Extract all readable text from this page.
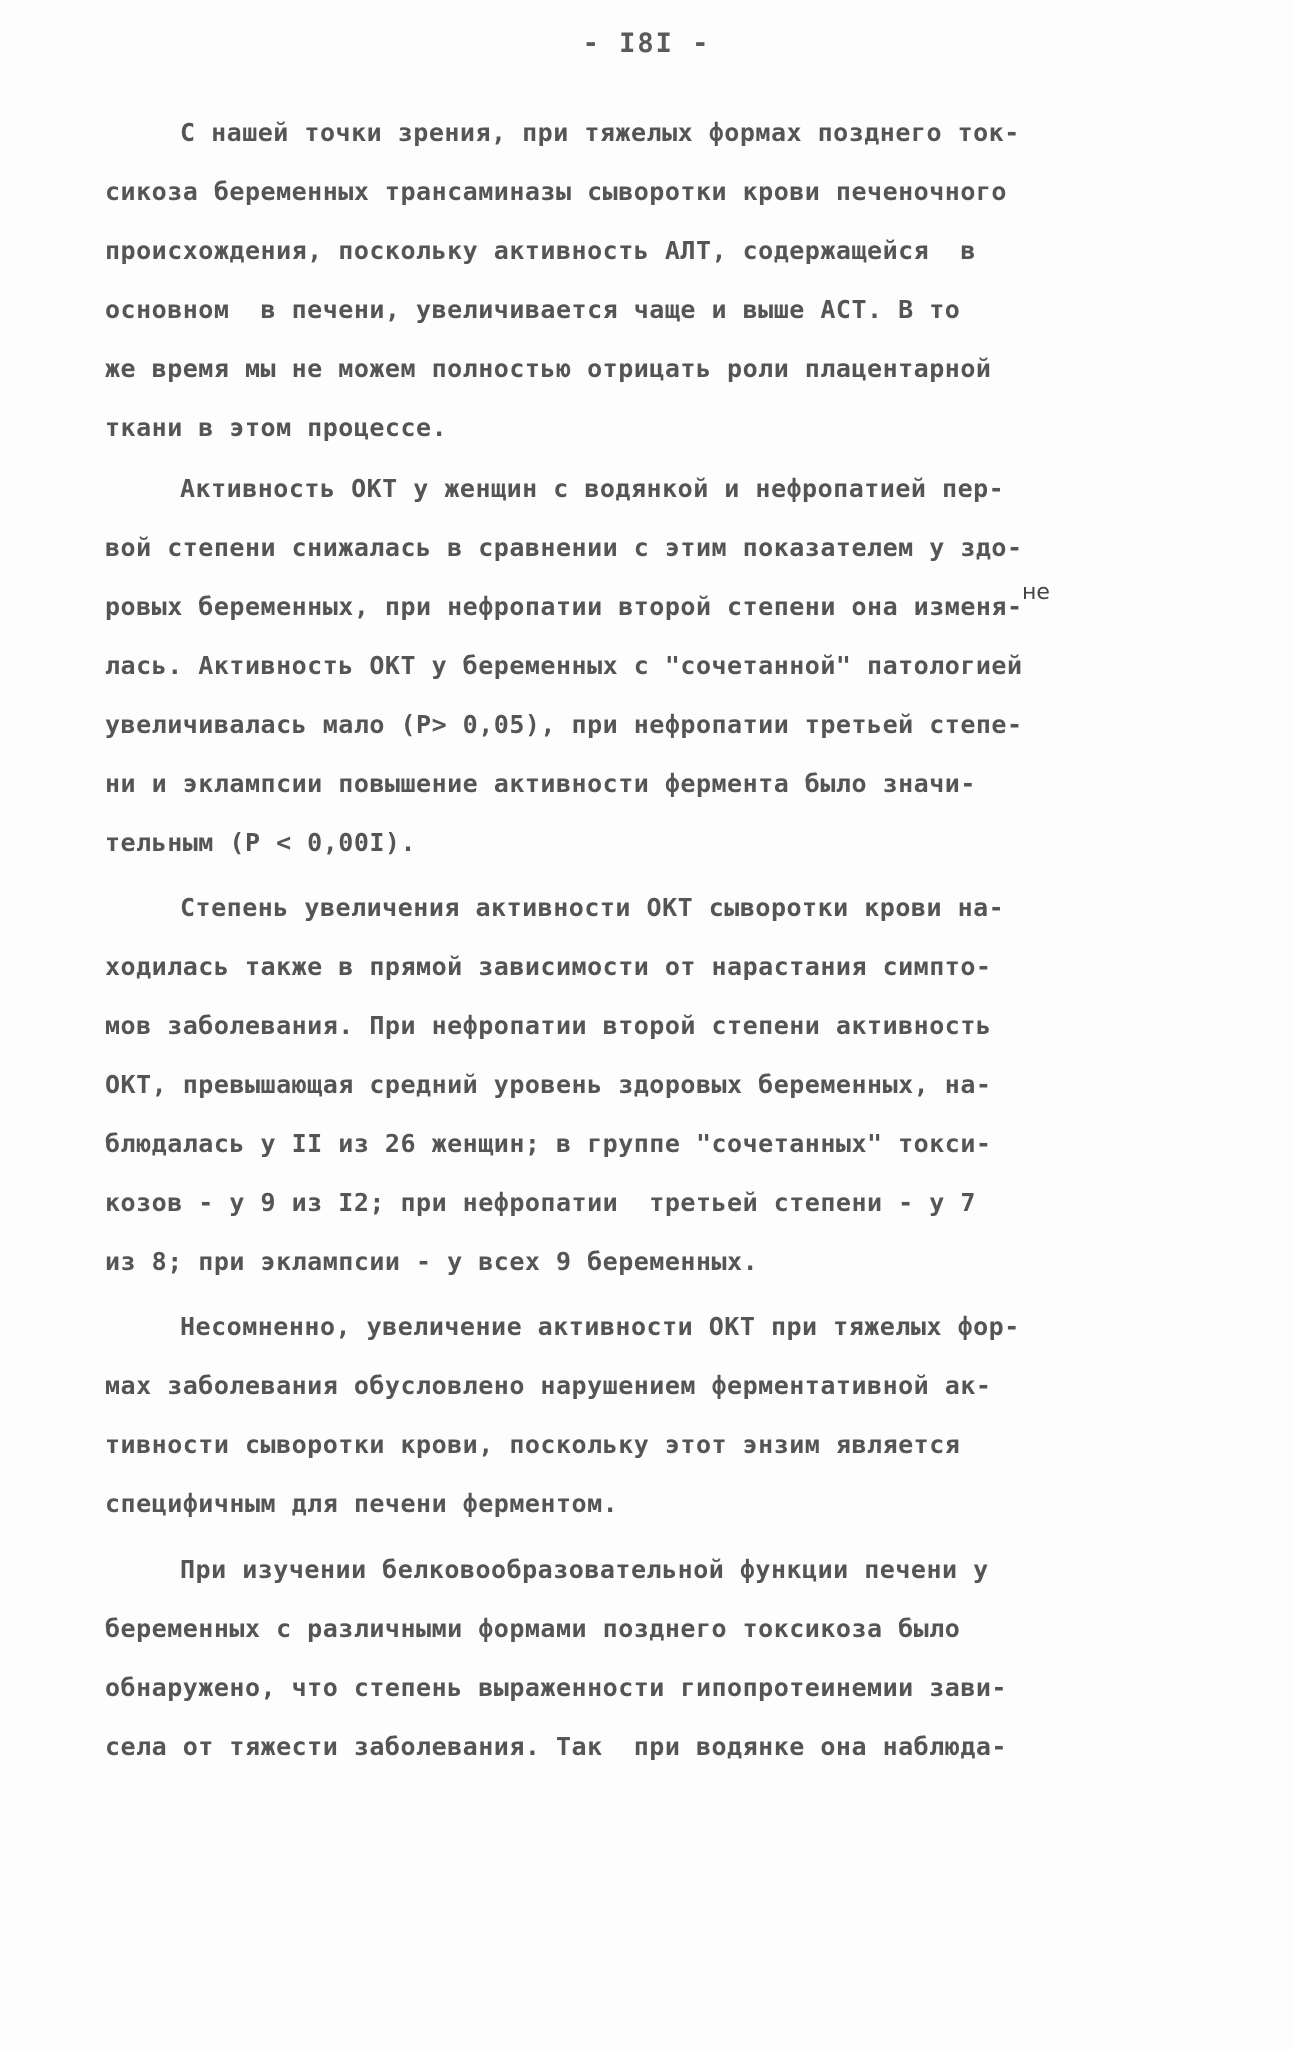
- I8I -
С нашей точки зрения, при тяжелых формах позднего ток-
сикоза беременных трансаминазы сыворотки крови печеночного
происхождения, поскольку активность АЛТ, содержащейся  в
основном  в печени, увеличивается чаще и выше АСТ. В то
же время мы не можем полностью отрицать роли плацентарной
ткани в этом процессе.
Активность ОКТ у женщин с водянкой и нефропатией пер-
вой степени снижалась в сравнении с этим показателем у здо-
не
ровых беременных, при нефропатии второй степени она изменя-
лась. Активность ОКТ у беременных с "сочетанной" патологией
увеличивалась мало (Р> 0,05), при нефропатии третьей степе-
ни и эклампсии повышение активности фермента было значи-
тельным (Р < 0,00I).
Степень увеличения активности ОКТ сыворотки крови на-
ходилась также в прямой зависимости от нарастания симпто-
мов заболевания. При нефропатии второй степени активность
ОКТ, превышающая средний уровень здоровых беременных, на-
блюдалась у II из 26 женщин; в группе "сочетанных" токси-
козов - у 9 из I2; при нефропатии  третьей степени - у 7
из 8; при эклампсии - у всех 9 беременных.
Несомненно, увеличение активности ОКТ при тяжелых фор-
мах заболевания обусловлено нарушением ферментативной ак-
тивности сыворотки крови, поскольку этот энзим является
специфичным для печени ферментом.
При изучении белковообразовательной функции печени у
беременных с различными формами позднего токсикоза было
обнаружено, что степень выраженности гипопротеинемии зави-
села от тяжести заболевания. Так  при водянке она наблюда-
